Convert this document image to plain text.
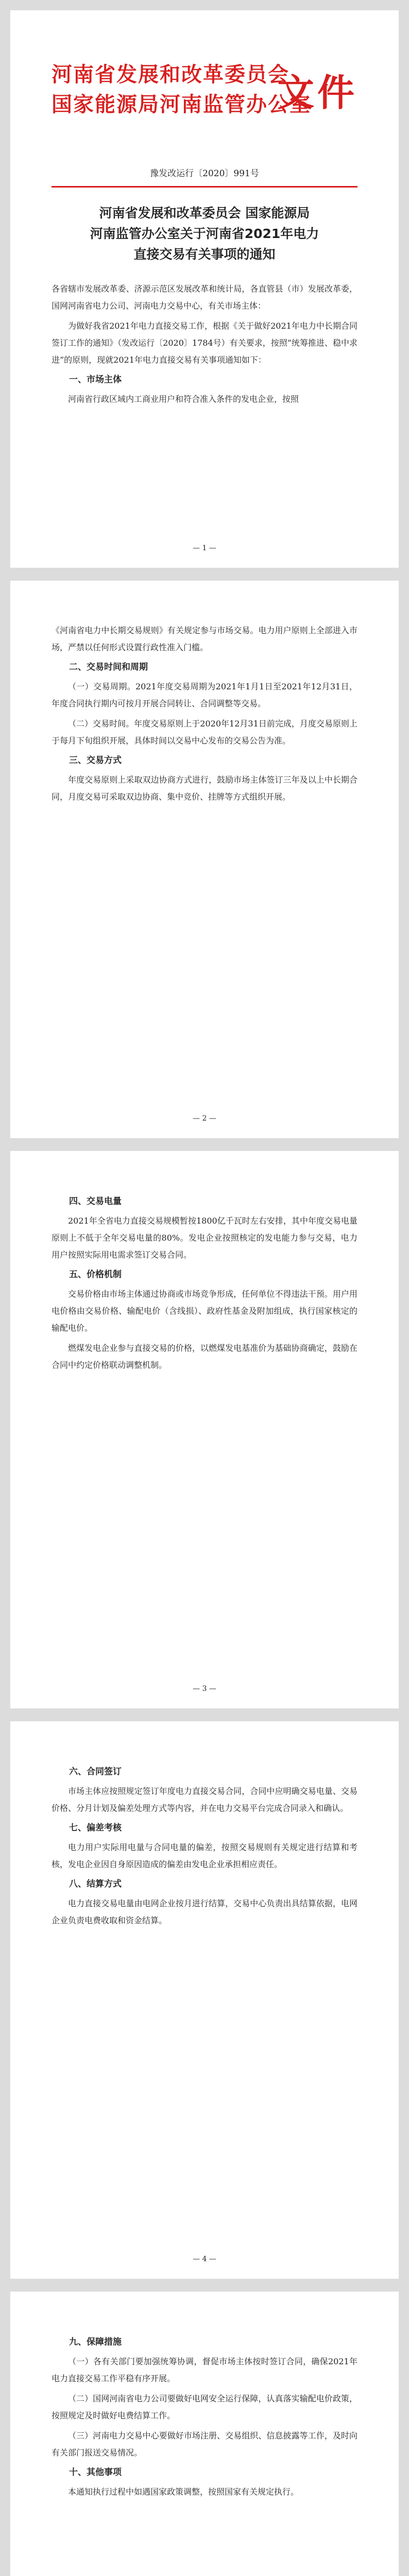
河南省发展和改革委员会
国家能源局河南监管办公室
文件
豫发改运行〔2020〕991号
河南省发展和改革委员会 国家能源局
河南监管办公室关于河南省2021年电力
直接交易有关事项的通知

各省辖市发展改革委、济源示范区发展改革和统计局，各直管县（市）发展改革委，国网河南省电力公司、河南电力交易中心，有关市场主体：

为做好我省2021年电力直接交易工作，根据《关于做好2021年电力中长期合同签订工作的通知》（发改运行〔2020〕1784号）有关要求，按照“统筹推进、稳中求进”的原则，现就2021年电力直接交易有关事项通知如下：

一、市场主体

河南省行政区域内工商业用户和符合准入条件的发电企业，按照

— 1 —

《河南省电力中长期交易规则》有关规定参与市场交易。电力用户原则上全部进入市场，严禁以任何形式设置行政性准入门槛。

二、交易时间和周期

（一）交易周期。2021年度交易周期为2021年1月1日至2021年12月31日，年度合同执行期内可按月开展合同转让、合同调整等交易。

（二）交易时间。年度交易原则上于2020年12月31日前完成，月度交易原则上于每月下旬组织开展，具体时间以交易中心发布的交易公告为准。

三、交易方式

年度交易原则上采取双边协商方式进行，鼓励市场主体签订三年及以上中长期合同，月度交易可采取双边协商、集中竞价、挂牌等方式组织开展。

— 2 —
四、交易电量

2021年全省电力直接交易规模暂按1800亿千瓦时左右安排，其中年度交易电量原则上不低于全年交易电量的80%。发电企业按照核定的发电能力参与交易，电力用户按照实际用电需求签订交易合同。

五、价格机制

交易价格由市场主体通过协商或市场竞争形成，任何单位不得违法干预。用户用电价格由交易价格、输配电价（含线损）、政府性基金及附加组成，执行国家核定的输配电价。

燃煤发电企业参与直接交易的价格，以燃煤发电基准价为基础协商确定，鼓励在合同中约定价格联动调整机制。

— 3 —
六、合同签订

市场主体应按照规定签订年度电力直接交易合同，合同中应明确交易电量、交易价格、分月计划及偏差处理方式等内容，并在电力交易平台完成合同录入和确认。

七、偏差考核

电力用户实际用电量与合同电量的偏差，按照交易规则有关规定进行结算和考核，发电企业因自身原因造成的偏差由发电企业承担相应责任。

八、结算方式

电力直接交易电量由电网企业按月进行结算，交易中心负责出具结算依据，电网企业负责电费收取和资金结算。

— 4 —
九、保障措施

（一）各有关部门要加强统筹协调，督促市场主体按时签订合同，确保2021年电力直接交易工作平稳有序开展。

（二）国网河南省电力公司要做好电网安全运行保障，认真落实输配电价政策，按照规定及时做好电费结算工作。

（三）河南电力交易中心要做好市场注册、交易组织、信息披露等工作，及时向有关部门报送交易情况。

十、其他事项

本通知执行过程中如遇国家政策调整，按照国家有关规定执行。
